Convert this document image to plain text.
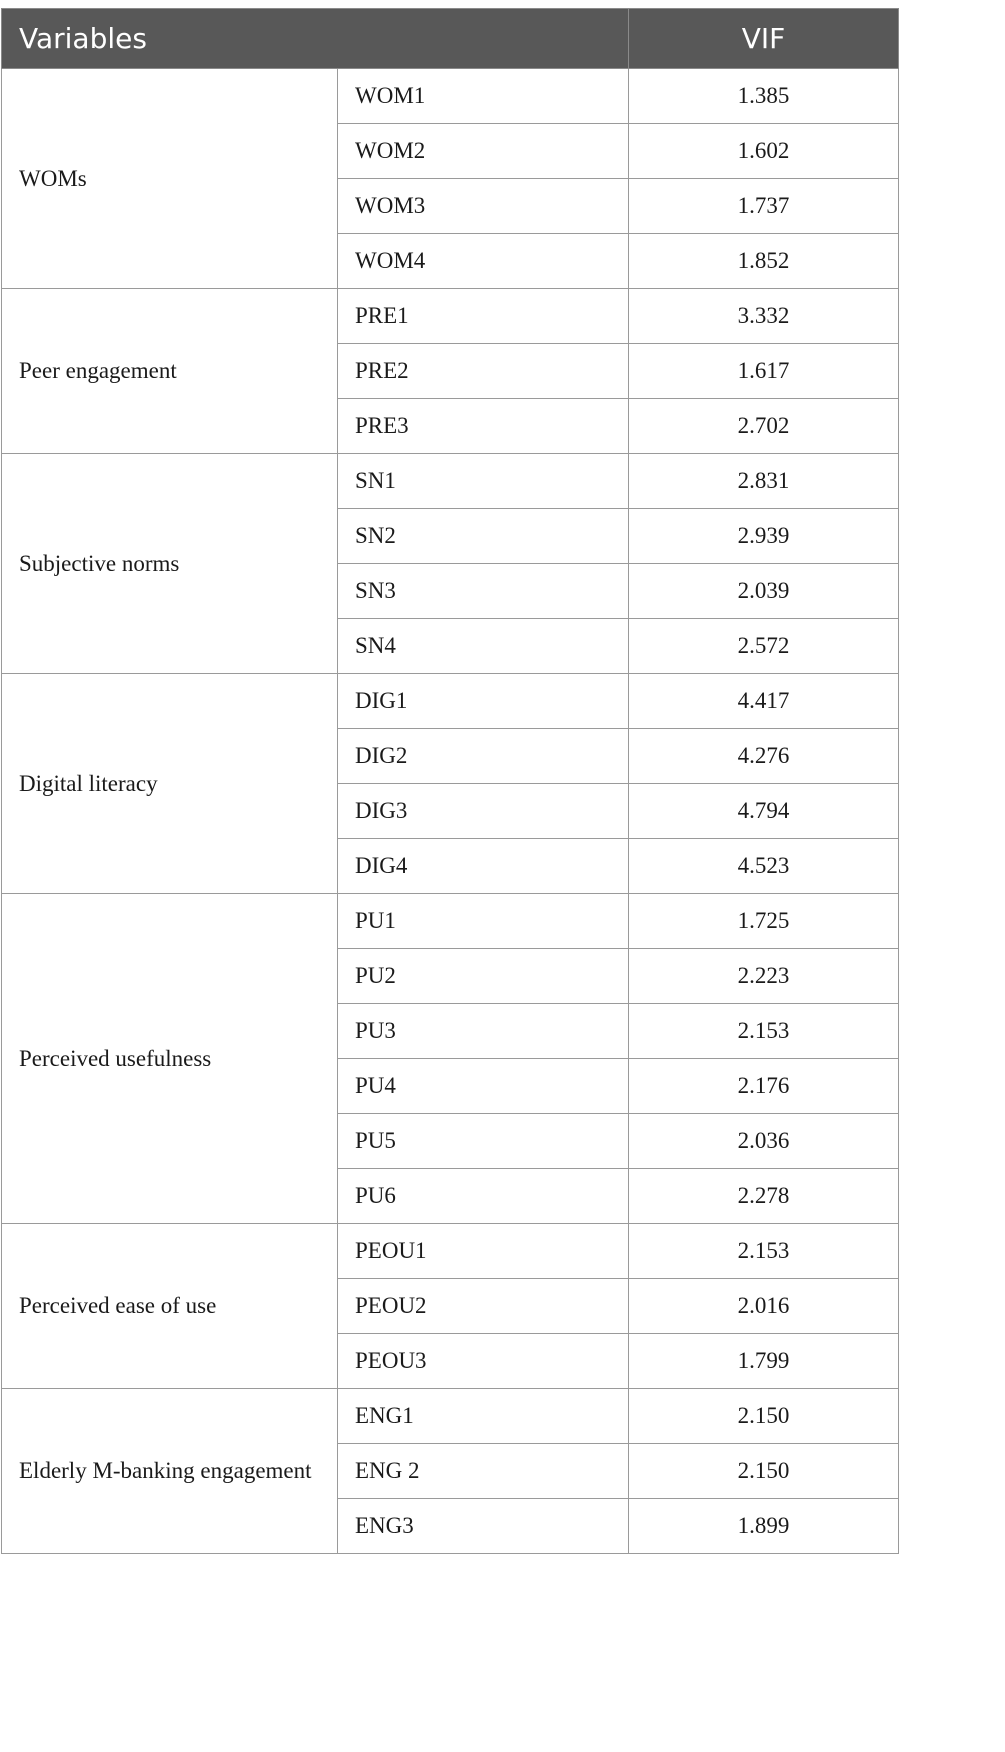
Variables		VIF
WOMs	WOM1	1.385
	WOM2	1.602
	WOM3	1.737
	WOM4	1.852
Peer engagement	PRE1	3.332
	PRE2	1.617
	PRE3	2.702
Subjective norms	SN1	2.831
	SN2	2.939
	SN3	2.039
	SN4	2.572
Digital literacy	DIG1	4.417
	DIG2	4.276
	DIG3	4.794
	DIG4	4.523
Perceived usefulness	PU1	1.725
	PU2	2.223
	PU3	2.153
	PU4	2.176
	PU5	2.036
	PU6	2.278
Perceived ease of use	PEOU1	2.153
	PEOU2	2.016
	PEOU3	1.799
Elderly M-banking engagement	ENG1	2.150
	ENG 2	2.150
	ENG3	1.899
